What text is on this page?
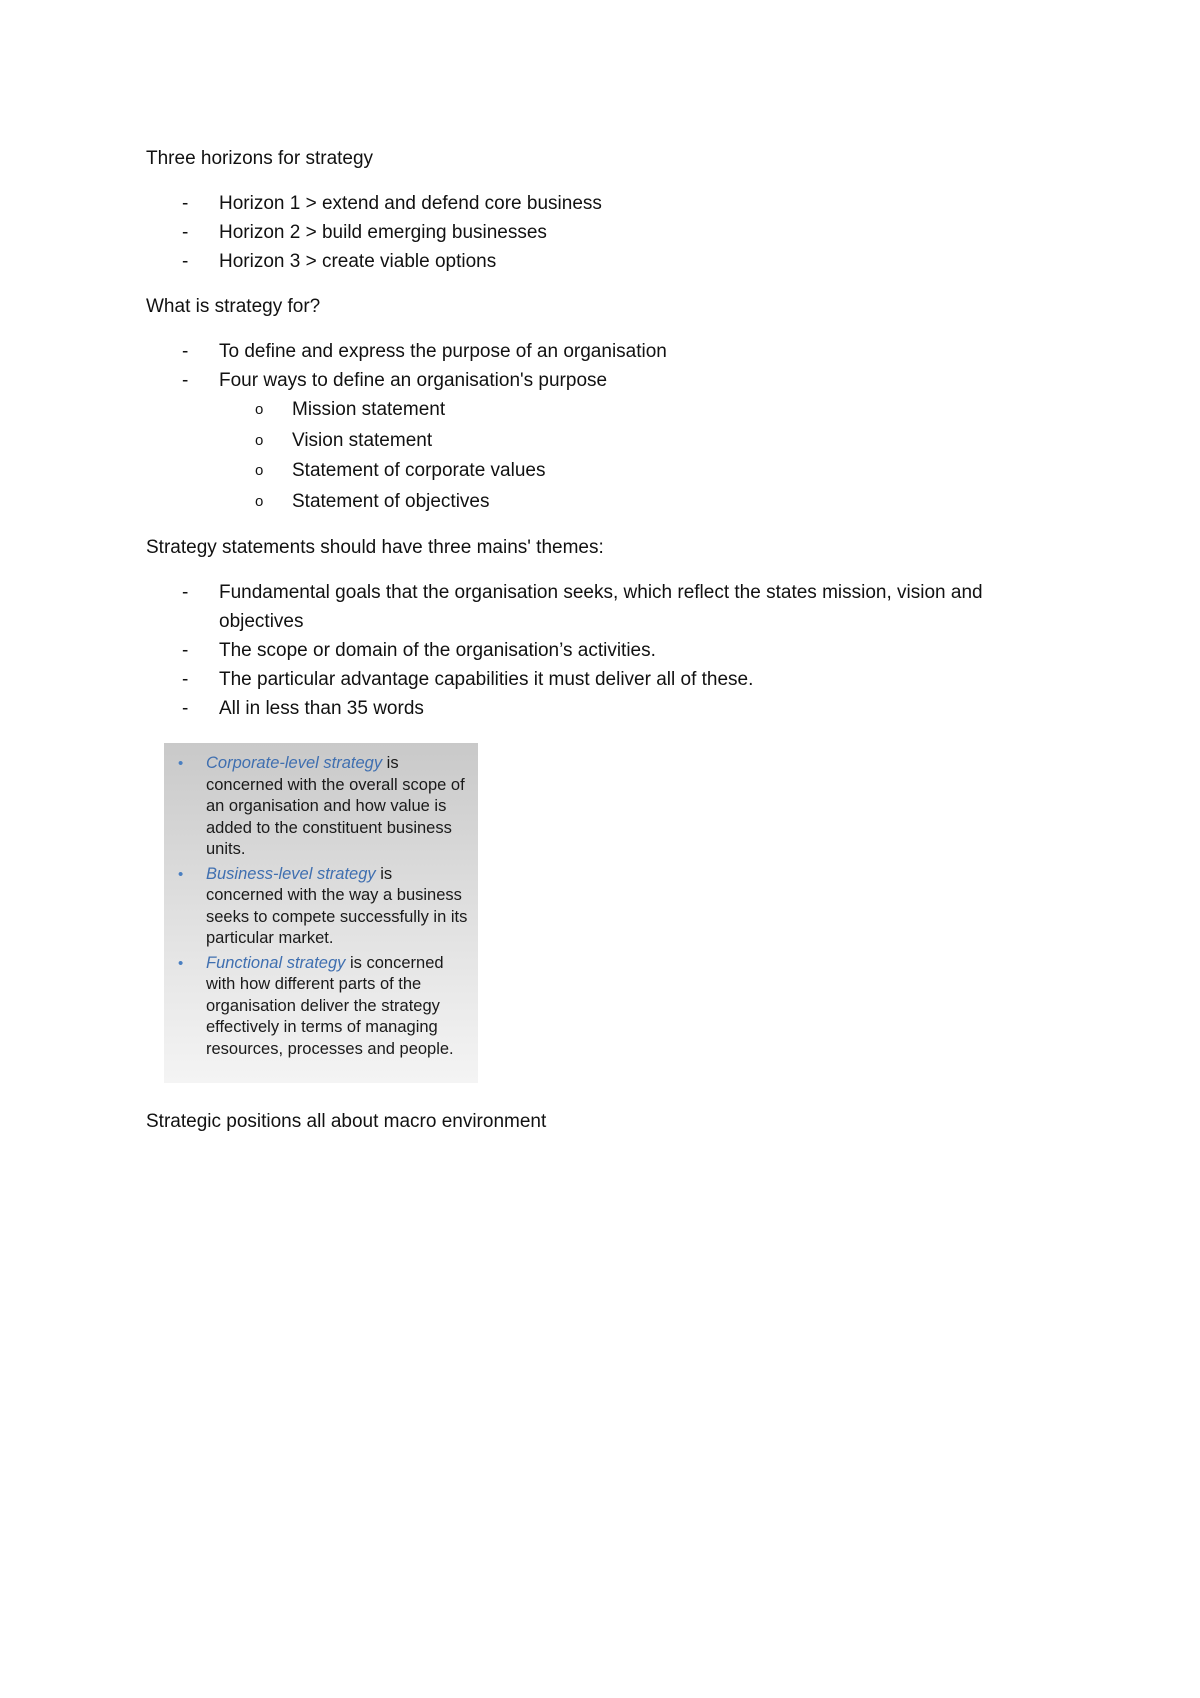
Three horizons for strategy

- Horizon 1 > extend and defend core business
- Horizon 2 > build emerging businesses
- Horizon 3 > create viable options

What is strategy for?

- To define and express the purpose of an organisation
- Four ways to define an organisation's purpose
o Mission statement
o Vision statement
o Statement of corporate values
o Statement of objectives

Strategy statements should have three mains' themes:

- Fundamental goals that the organisation seeks, which reflect the states mission, vision and objectives
- The scope or domain of the organisation’s activities.
- The particular advantage capabilities it must deliver all of these.
- All in less than 35 words
• Corporate-level strategy is concerned with the overall scope of an organisation and how value is added to the constituent business units.
• Business-level strategy is concerned with the way a business seeks to compete successfully in its particular market.
• Functional strategy is concerned with how different parts of the organisation deliver the strategy effectively in terms of managing resources, processes and people.

Strategic positions all about macro environment
